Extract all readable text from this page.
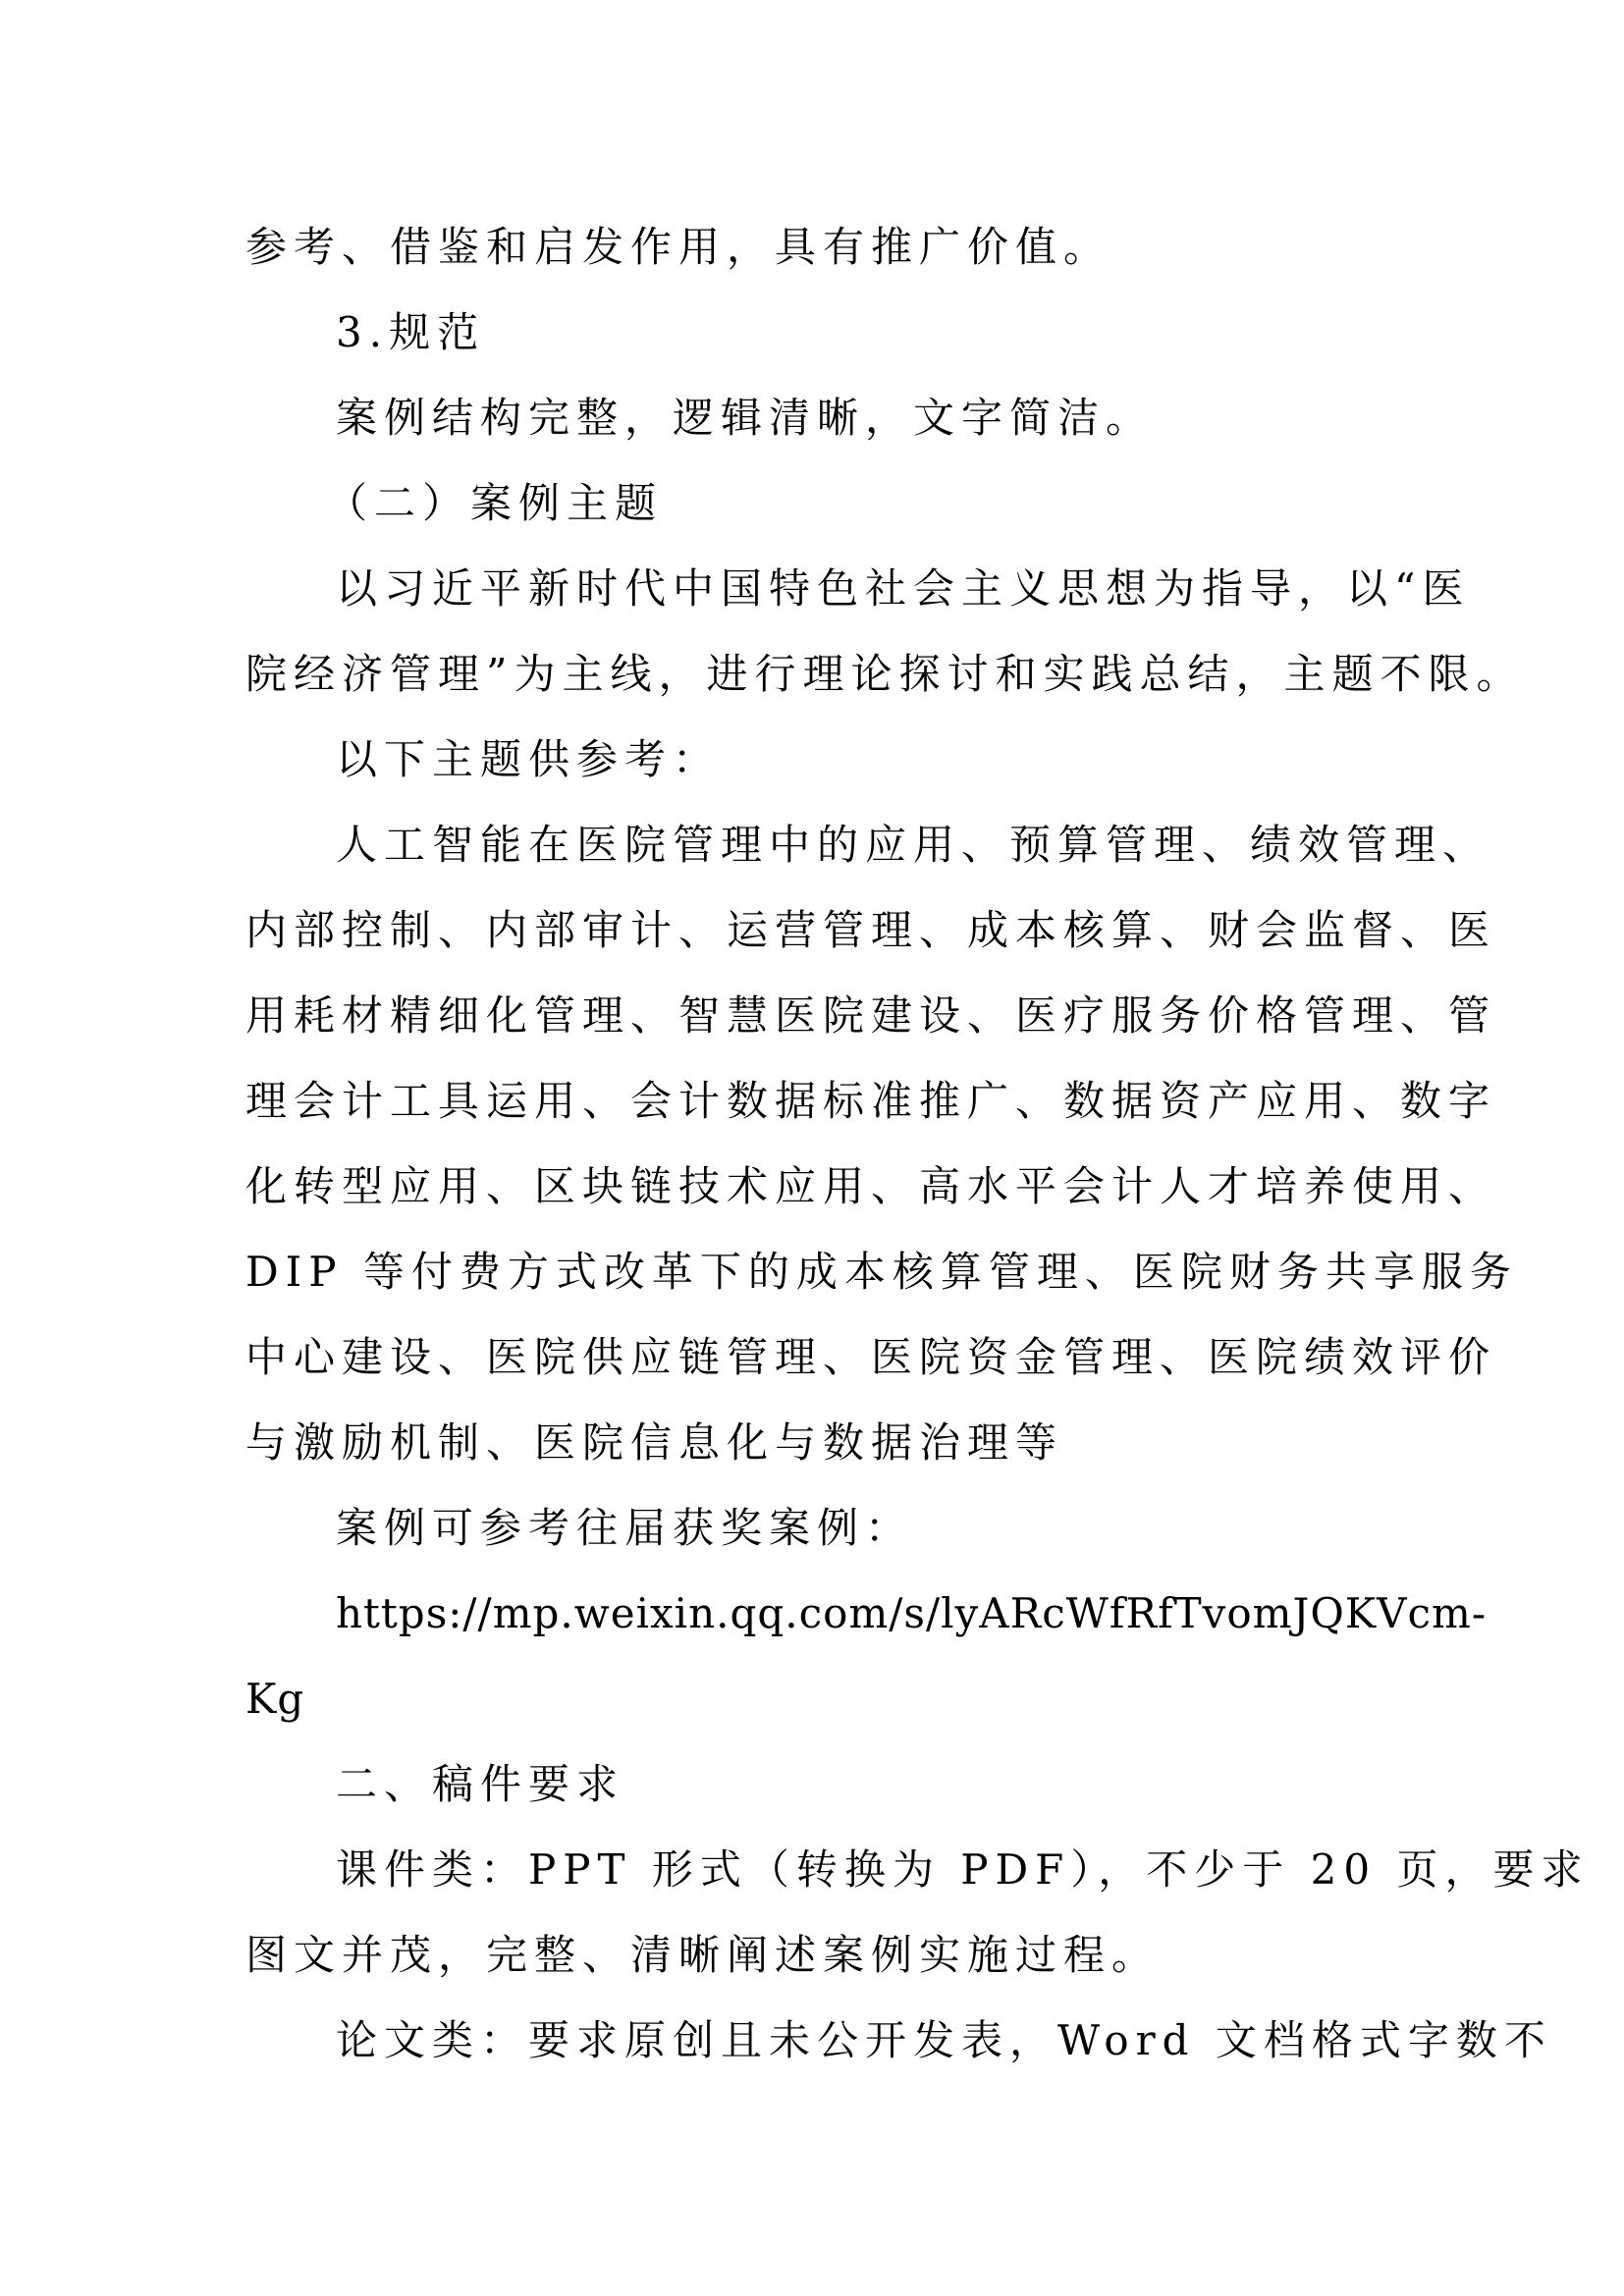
参考、借鉴和启发作用，具有推广价值。
3.规范
案例结构完整，逻辑清晰，文字简洁。
（二）案例主题
以习近平新时代中国特色社会主义思想为指导，以“医
院经济管理”为主线，进行理论探讨和实践总结，主题不限。
以下主题供参考：
人工智能在医院管理中的应用、预算管理、绩效管理、
内部控制、内部审计、运营管理、成本核算、财会监督、医
用耗材精细化管理、智慧医院建设、医疗服务价格管理、管
理会计工具运用、会计数据标准推广、数据资产应用、数字
化转型应用、区块链技术应用、高水平会计人才培养使用、
DIP 等付费方式改革下的成本核算管理、医院财务共享服务
中心建设、医院供应链管理、医院资金管理、医院绩效评价
与激励机制、医院信息化与数据治理等
案例可参考往届获奖案例：
https://mp.weixin.qq.com/s/lyARcWfRfTvomJQKVcm-
Kg
二、稿件要求
课件类：PPT 形式（转换为 PDF），不少于 20 页，要求
图文并茂，完整、清晰阐述案例实施过程。
论文类：要求原创且未公开发表，Word 文档格式字数不
